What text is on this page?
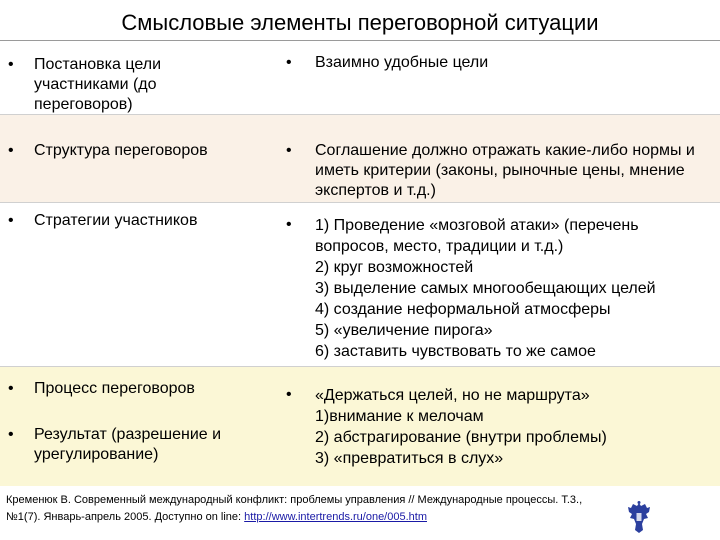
Смысловые элементы переговорной ситуации
• Постановка цели участниками (до переговоров)
• Взаимно удобные цели
• Структура переговоров	• Соглашение должно отражать какие-либо нормы и иметь критерии (законы, рыночные цены, мнение экспертов и т.д.)
• Стратегии участников	• 1) Проведение «мозговой атаки» (перечень вопросов, место, традиции и т.д.)
2) круг возможностей
3) выделение самых многообещающих целей
4) создание неформальной атмосферы
5) «увеличение пирога»
6) заставить чувствовать то же самое
• Процесс переговоров
• Результат (разрешение и урегулирование)
• «Держаться целей, но не маршрута»
1)внимание к мелочам
2) абстрагирование (внутри проблемы)
3) «превратиться в слух»
Кременюк В. Современный международный конфликт: проблемы управления // Международные процессы. Т.3., №1(7). Январь-апрель 2005. Доступно on line: http://www.intertrends.ru/one/005.htm
